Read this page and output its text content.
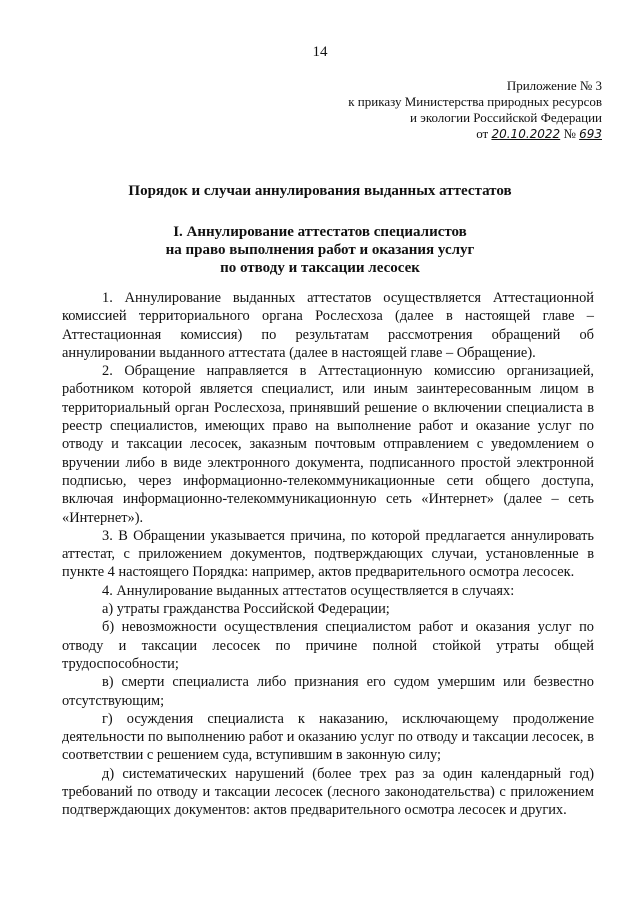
14
Приложение № 3
к приказу Министерства природных ресурсов
и экологии Российской Федерации
от 20.10.2022 № 693
Порядок и случаи аннулирования выданных аттестатов
I. Аннулирование аттестатов специалистов
на право выполнения работ и оказания услуг
по отводу и таксации лесосек

1. Аннулирование выданных аттестатов осуществляется Аттестационной комиссией территориального органа Рослесхоза (далее в настоящей главе – Аттестационная комиссия) по результатам рассмотрения обращений об аннулировании выданного аттестата (далее в настоящей главе – Обращение).

2. Обращение направляется в Аттестационную комиссию организацией, работником которой является специалист, или иным заинтересованным лицом в территориальный орган Рослесхоза, принявший решение о включении специалиста в реестр специалистов, имеющих право на выполнение работ и оказание услуг по отводу и таксации лесосек, заказным почтовым отправлением с уведомлением о вручении либо в виде электронного документа, подписанного простой электронной подписью, через информационно-телекоммуникационные сети общего доступа, включая информационно-телекоммуникационную сеть «Интернет» (далее – сеть «Интернет»).

3. В Обращении указывается причина, по которой предлагается аннулировать аттестат, с приложением документов, подтверждающих случаи, установленные в пункте 4 настоящего Порядка: например, актов предварительного осмотра лесосек.

4. Аннулирование выданных аттестатов осуществляется в случаях:

а) утраты гражданства Российской Федерации;

б) невозможности осуществления специалистом работ и оказания услуг по отводу и таксации лесосек по причине полной стойкой утраты общей трудоспособности;

в) смерти специалиста либо признания его судом умершим или безвестно отсутствующим;

г) осуждения специалиста к наказанию, исключающему продолжение деятельности по выполнению работ и оказанию услуг по отводу и таксации лесосек, в соответствии с решением суда, вступившим в законную силу;

д) систематических нарушений (более трех раз за один календарный год) требований по отводу и таксации лесосек (лесного законодательства) с приложением подтверждающих документов: актов предварительного осмотра лесосек и других.
